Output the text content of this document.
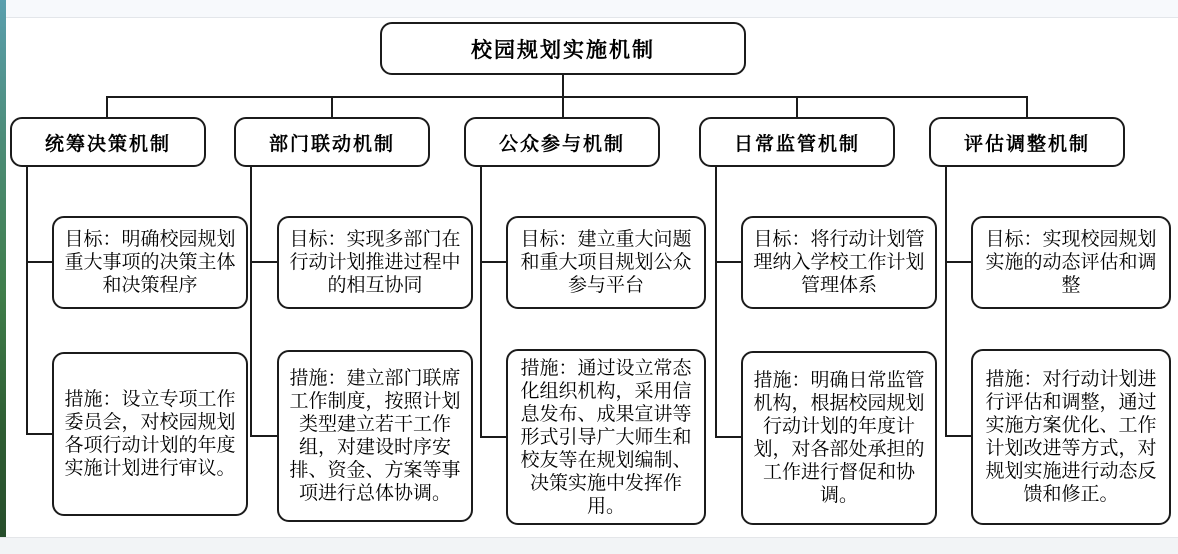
校园规划实施机制
统筹决策机制
目标：明确校园规划重大事项的决策主体和决策程序
措施：设立专项工作委员会，对校园规划各项行动计划的年度实施计划进行审议。
部门联动机制
目标：实现多部门在行动计划推进过程中的相互协同
措施：建立部门联席工作制度，按照计划类型建立若干工作组，对建设时序安排、资金、方案等事项进行总体协调。
公众参与机制
目标：建立重大问题和重大项目规划公众参与平台
措施：通过设立常态化组织机构，采用信息发布、成果宣讲等形式引导广大师生和校友等在规划编制、决策实施中发挥作用。
日常监管机制
目标：将行动计划管理纳入学校工作计划管理体系
措施：明确日常监管机构，根据校园规划行动计划的年度计划，对各部处承担的工作进行督促和协调。
评估调整机制
目标：实现校园规划实施的动态评估和调整
措施：对行动计划进行评估和调整，通过实施方案优化、工作计划改进等方式，对规划实施进行动态反馈和修正。
